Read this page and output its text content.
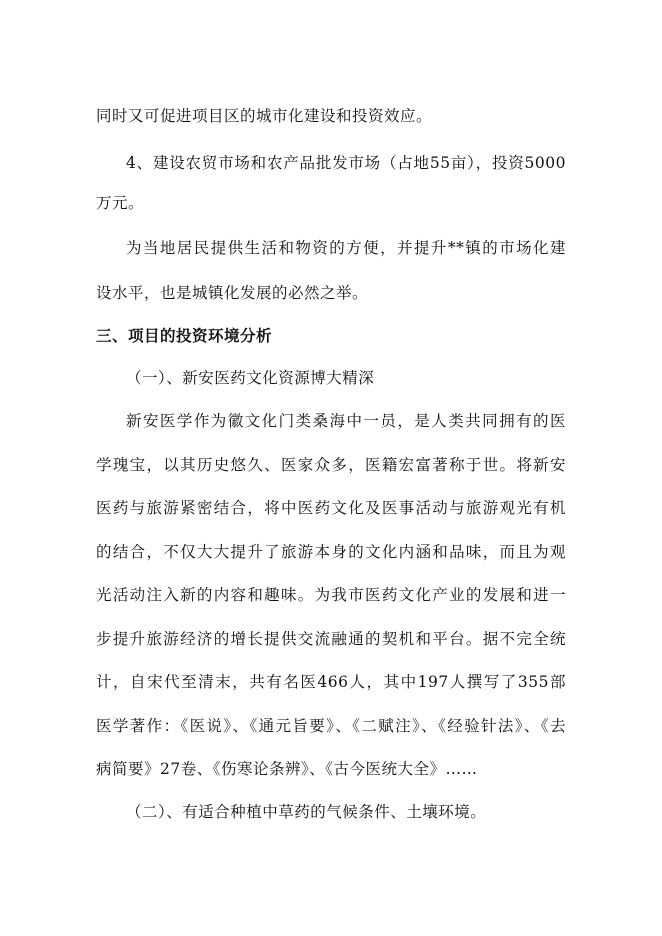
同时又可促进项目区的城市化建设和投资效应。
4、建设农贸市场和农产品批发市场（占地55亩），投资5000
万元。
为当地居民提供生活和物资的方便，并提升**镇的市场化建
设水平，也是城镇化发展的必然之举。
三、项目的投资环境分析
（一）、新安医药文化资源博大精深
新安医学作为徽文化门类桑海中一员，是人类共同拥有的医
学瑰宝，以其历史悠久、医家众多，医籍宏富著称于世。将新安
医药与旅游紧密结合，将中医药文化及医事活动与旅游观光有机
的结合，不仅大大提升了旅游本身的文化内涵和品味，而且为观
光活动注入新的内容和趣味。为我市医药文化产业的发展和进一
步提升旅游经济的增长提供交流融通的契机和平台。据不完全统
计，自宋代至清末，共有名医466人，其中197人撰写了355部
医学著作：《医说》、《通元旨要》、《二赋注》、《经验针法》、《去
病简要》27卷、《伤寒论条辨》、《古今医统大全》……
（二）、有适合种植中草药的气候条件、土壤环境。
